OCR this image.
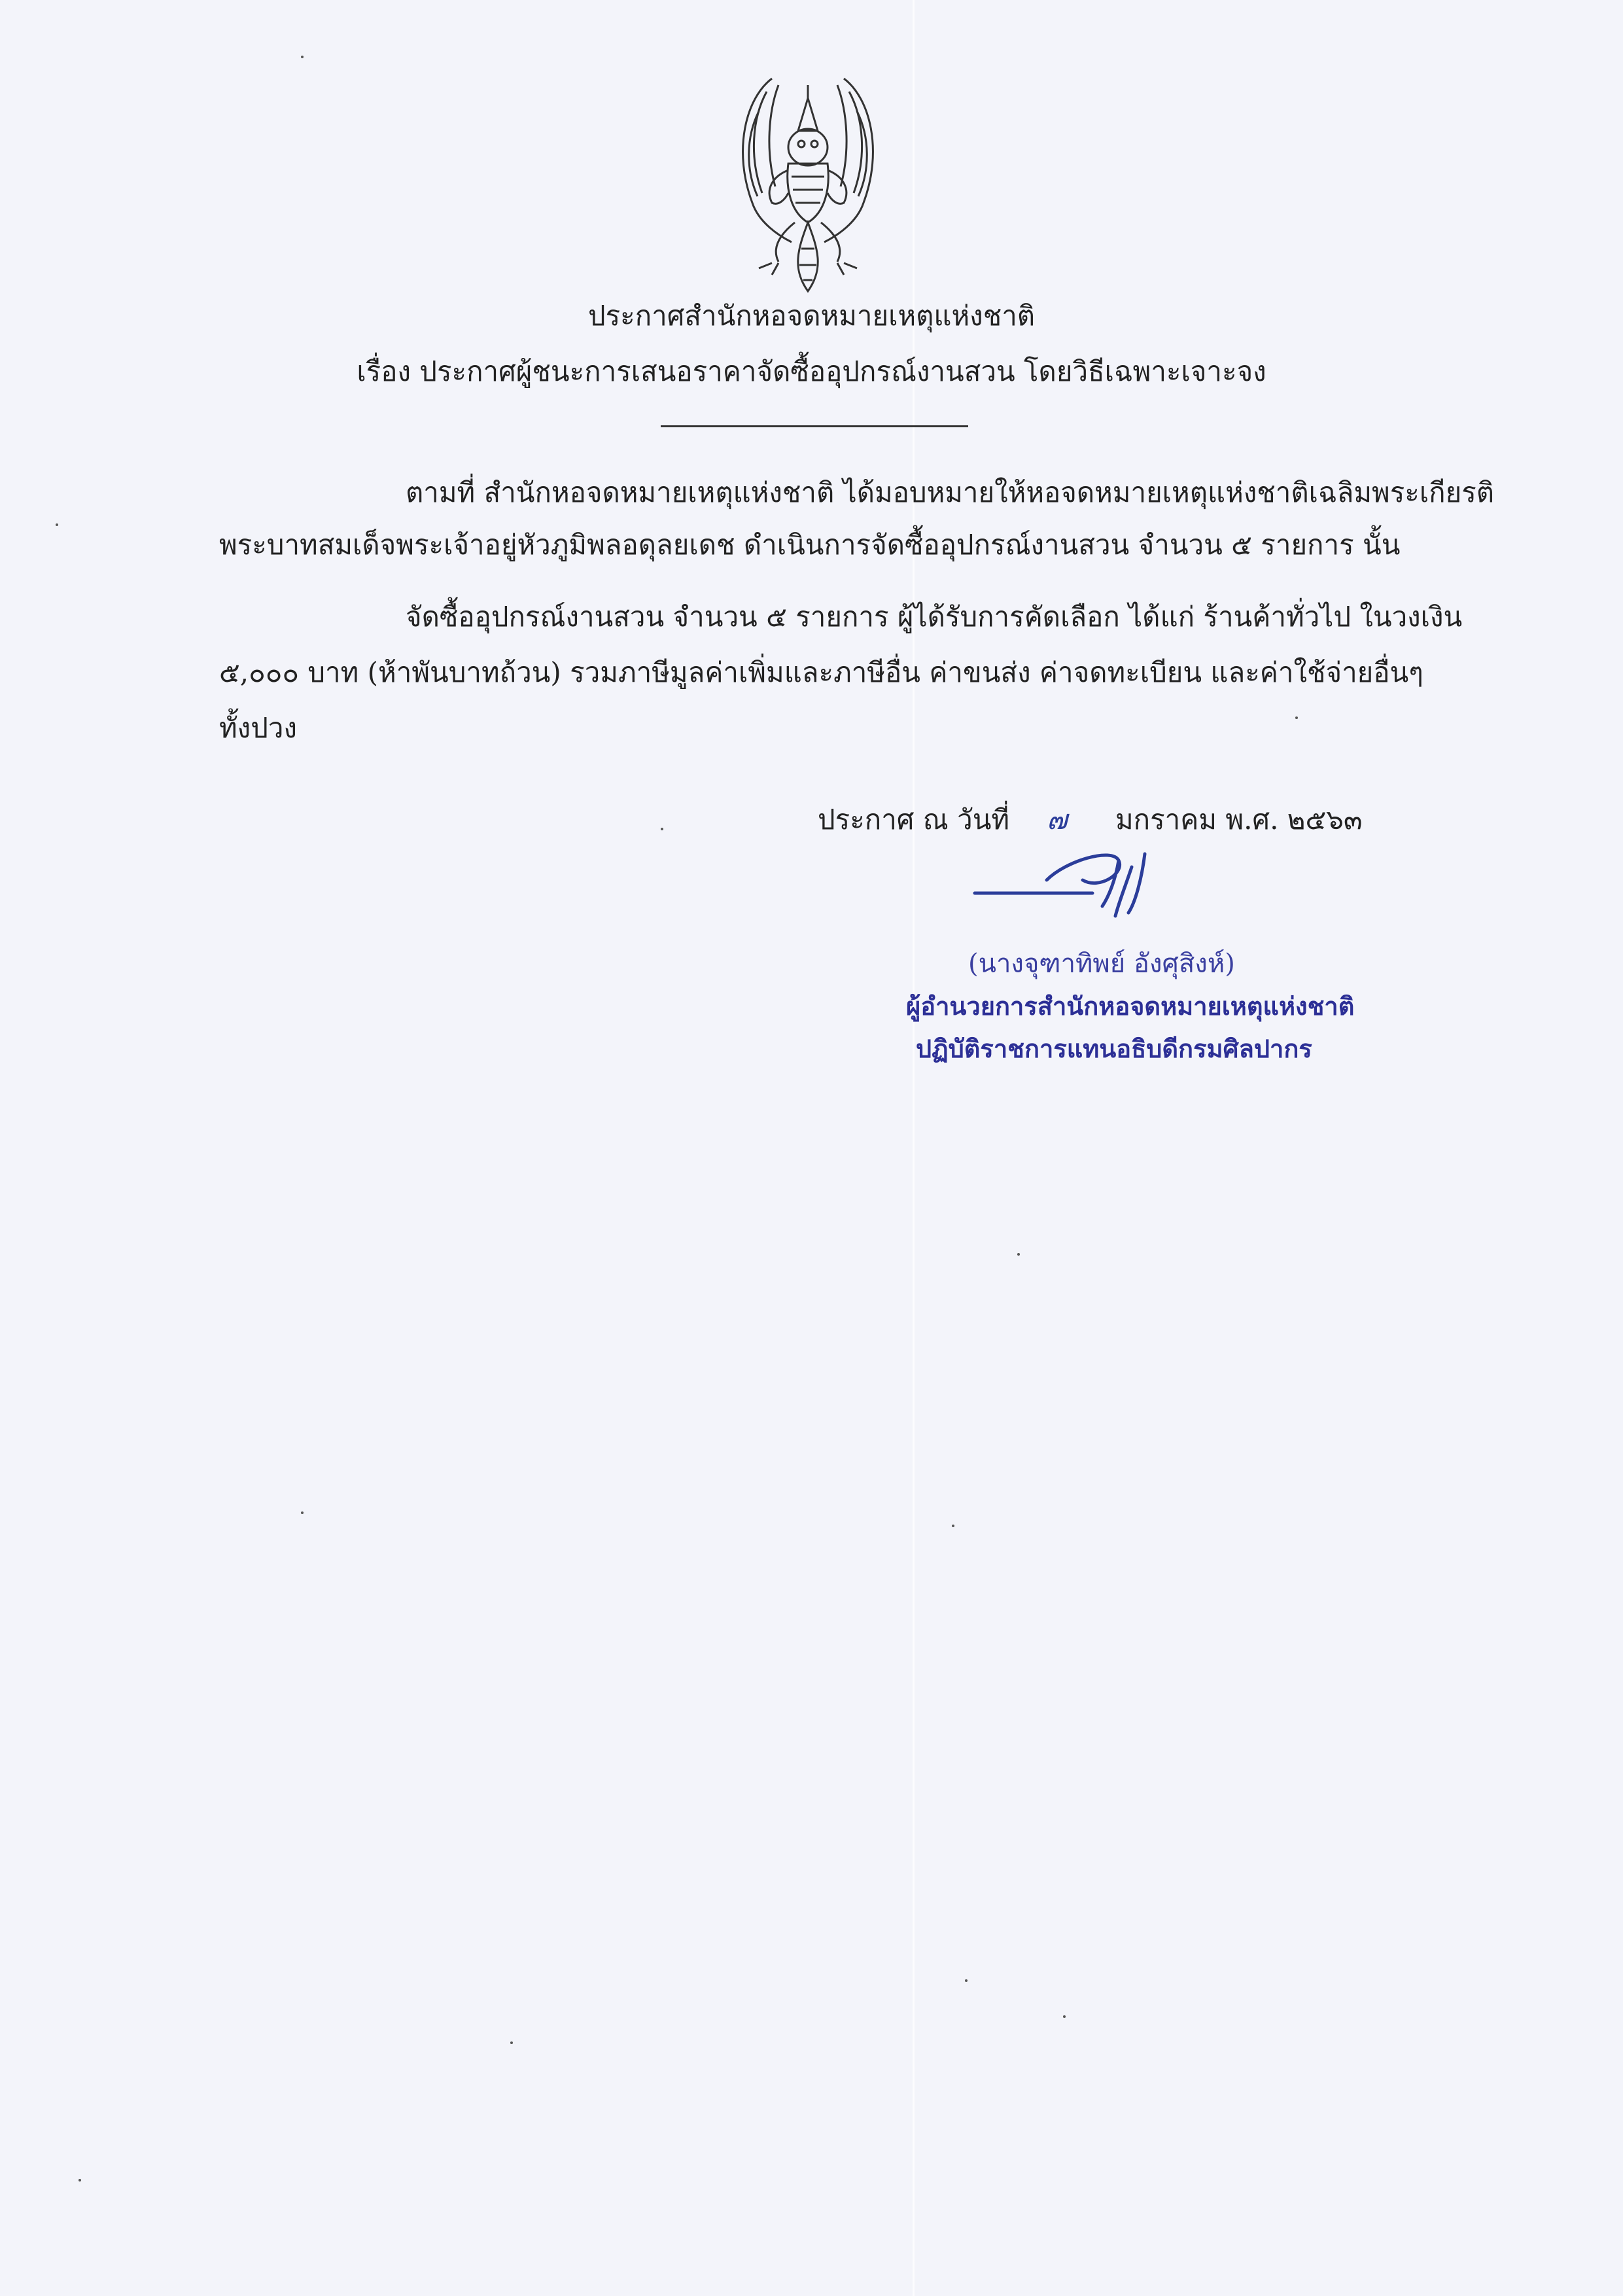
ประกาศสำนักหอจดหมายเหตุแห่งชาติ
เรื่อง ประกาศผู้ชนะการเสนอราคาจัดซื้ออุปกรณ์งานสวน โดยวิธีเฉพาะเจาะจง
ตามที่ สำนักหอจดหมายเหตุแห่งชาติ ได้มอบหมายให้หอจดหมายเหตุแห่งชาติเฉลิมพระเกียรติ
พระบาทสมเด็จพระเจ้าอยู่หัวภูมิพลอดุลยเดช ดำเนินการจัดซื้ออุปกรณ์งานสวน จำนวน ๕ รายการ นั้น
จัดซื้ออุปกรณ์งานสวน จำนวน ๕ รายการ ผู้ได้รับการคัดเลือก ได้แก่ ร้านค้าทั่วไป ในวงเงิน
๕,๐๐๐ บาท (ห้าพันบาทถ้วน) รวมภาษีมูลค่าเพิ่มและภาษีอื่น ค่าขนส่ง ค่าจดทะเบียน และค่าใช้จ่ายอื่นๆ
ทั้งปวง
ประกาศ ณ วันที่ ๗ มกราคม พ.ศ. ๒๕๖๓
(นางจุฑาทิพย์ อังศุสิงห์)
ผู้อำนวยการสำนักหอจดหมายเหตุแห่งชาติ
ปฏิบัติราชการแทนอธิบดีกรมศิลปากร
